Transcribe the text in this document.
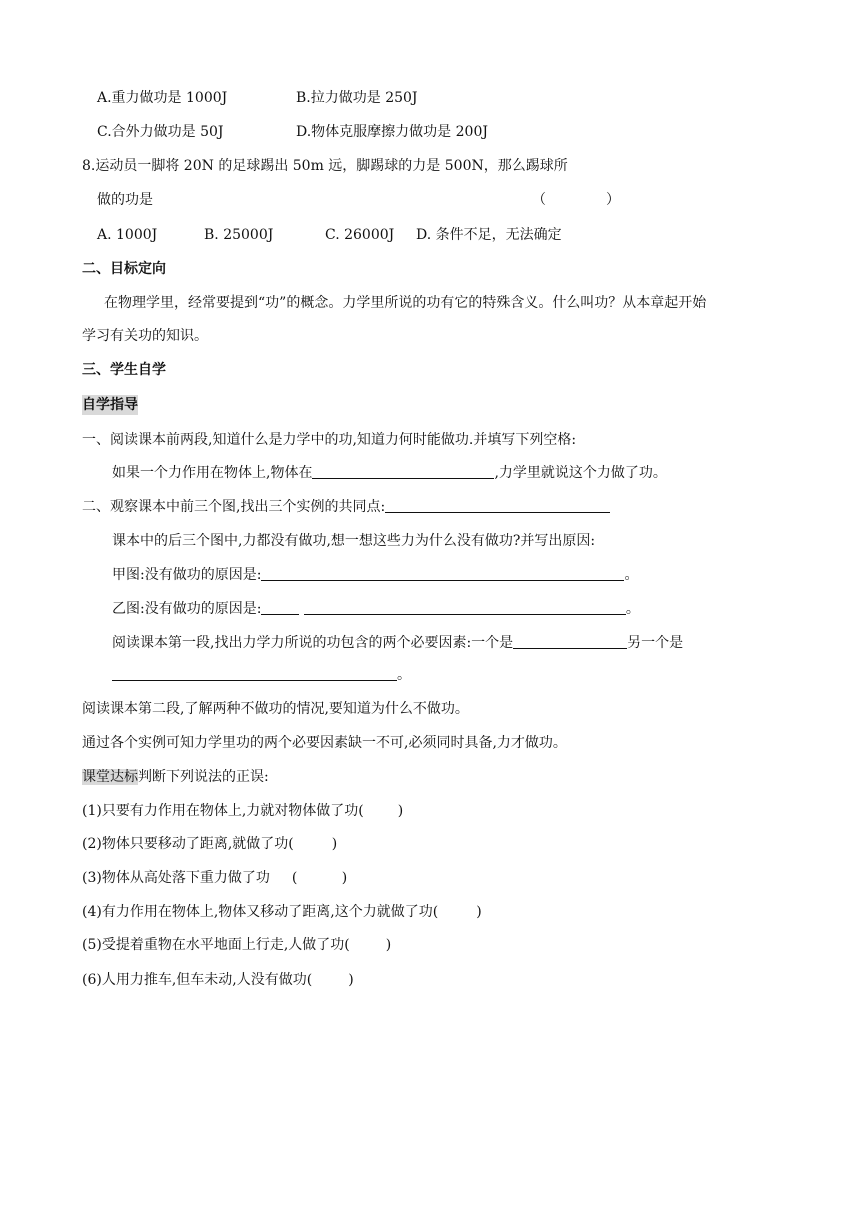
A.重力做功是 1000J	B.拉力做功是 250J
C.合外力做功是 50J	D.物体克服摩擦力做功是 200J
8.运动员一脚将 20N 的足球踢出 50m 远，脚踢球的力是 500N，那么踢球所
做的功是	（	）
A. 1000J	B. 25000J	C. 26000J D. 条件不足，无法确定
二、目标定向
在物理学里，经常要提到“功”的概念。力学里所说的功有它的特殊含义。什么叫功？从本章起开始
学习有关功的知识。
三、学生自学
自学指导
一、阅读课本前两段,知道什么是力学中的功,知道力何时能做功.并填写下列空格:
如果一个力作用在物体上,物体在	,力学里就说这个力做了功。
二、观察课本中前三个图,找出三个实例的共同点:
课本中的后三个图中,力都没有做功,想一想这些力为什么没有做功?并写出原因:
甲图:没有做功的原因是:	。
乙图:没有做功的原因是:	。
阅读课本第一段,找出力学力所说的功包含的两个必要因素:一个是	另一个是
。
阅读课本第二段,了解两种不做功的情况,要知道为什么不做功。
通过各个实例可知力学里功的两个必要因素缺一不可,必须同时具备,力才做功。
课堂达标判断下列说法的正误:
(1)只要有力作用在物体上,力就对物体做了功( )
(2)物体只要移动了距离,就做了功(	)
(3)物体从高处落下重力做了功 (          )
(4)有力作用在物体上,物体又移动了距离,这个力就做了功(	)
(5)受提着重物在水平地面上行走,人做了功(	)
(6)人用力推车,但车未动,人没有做功(	)
